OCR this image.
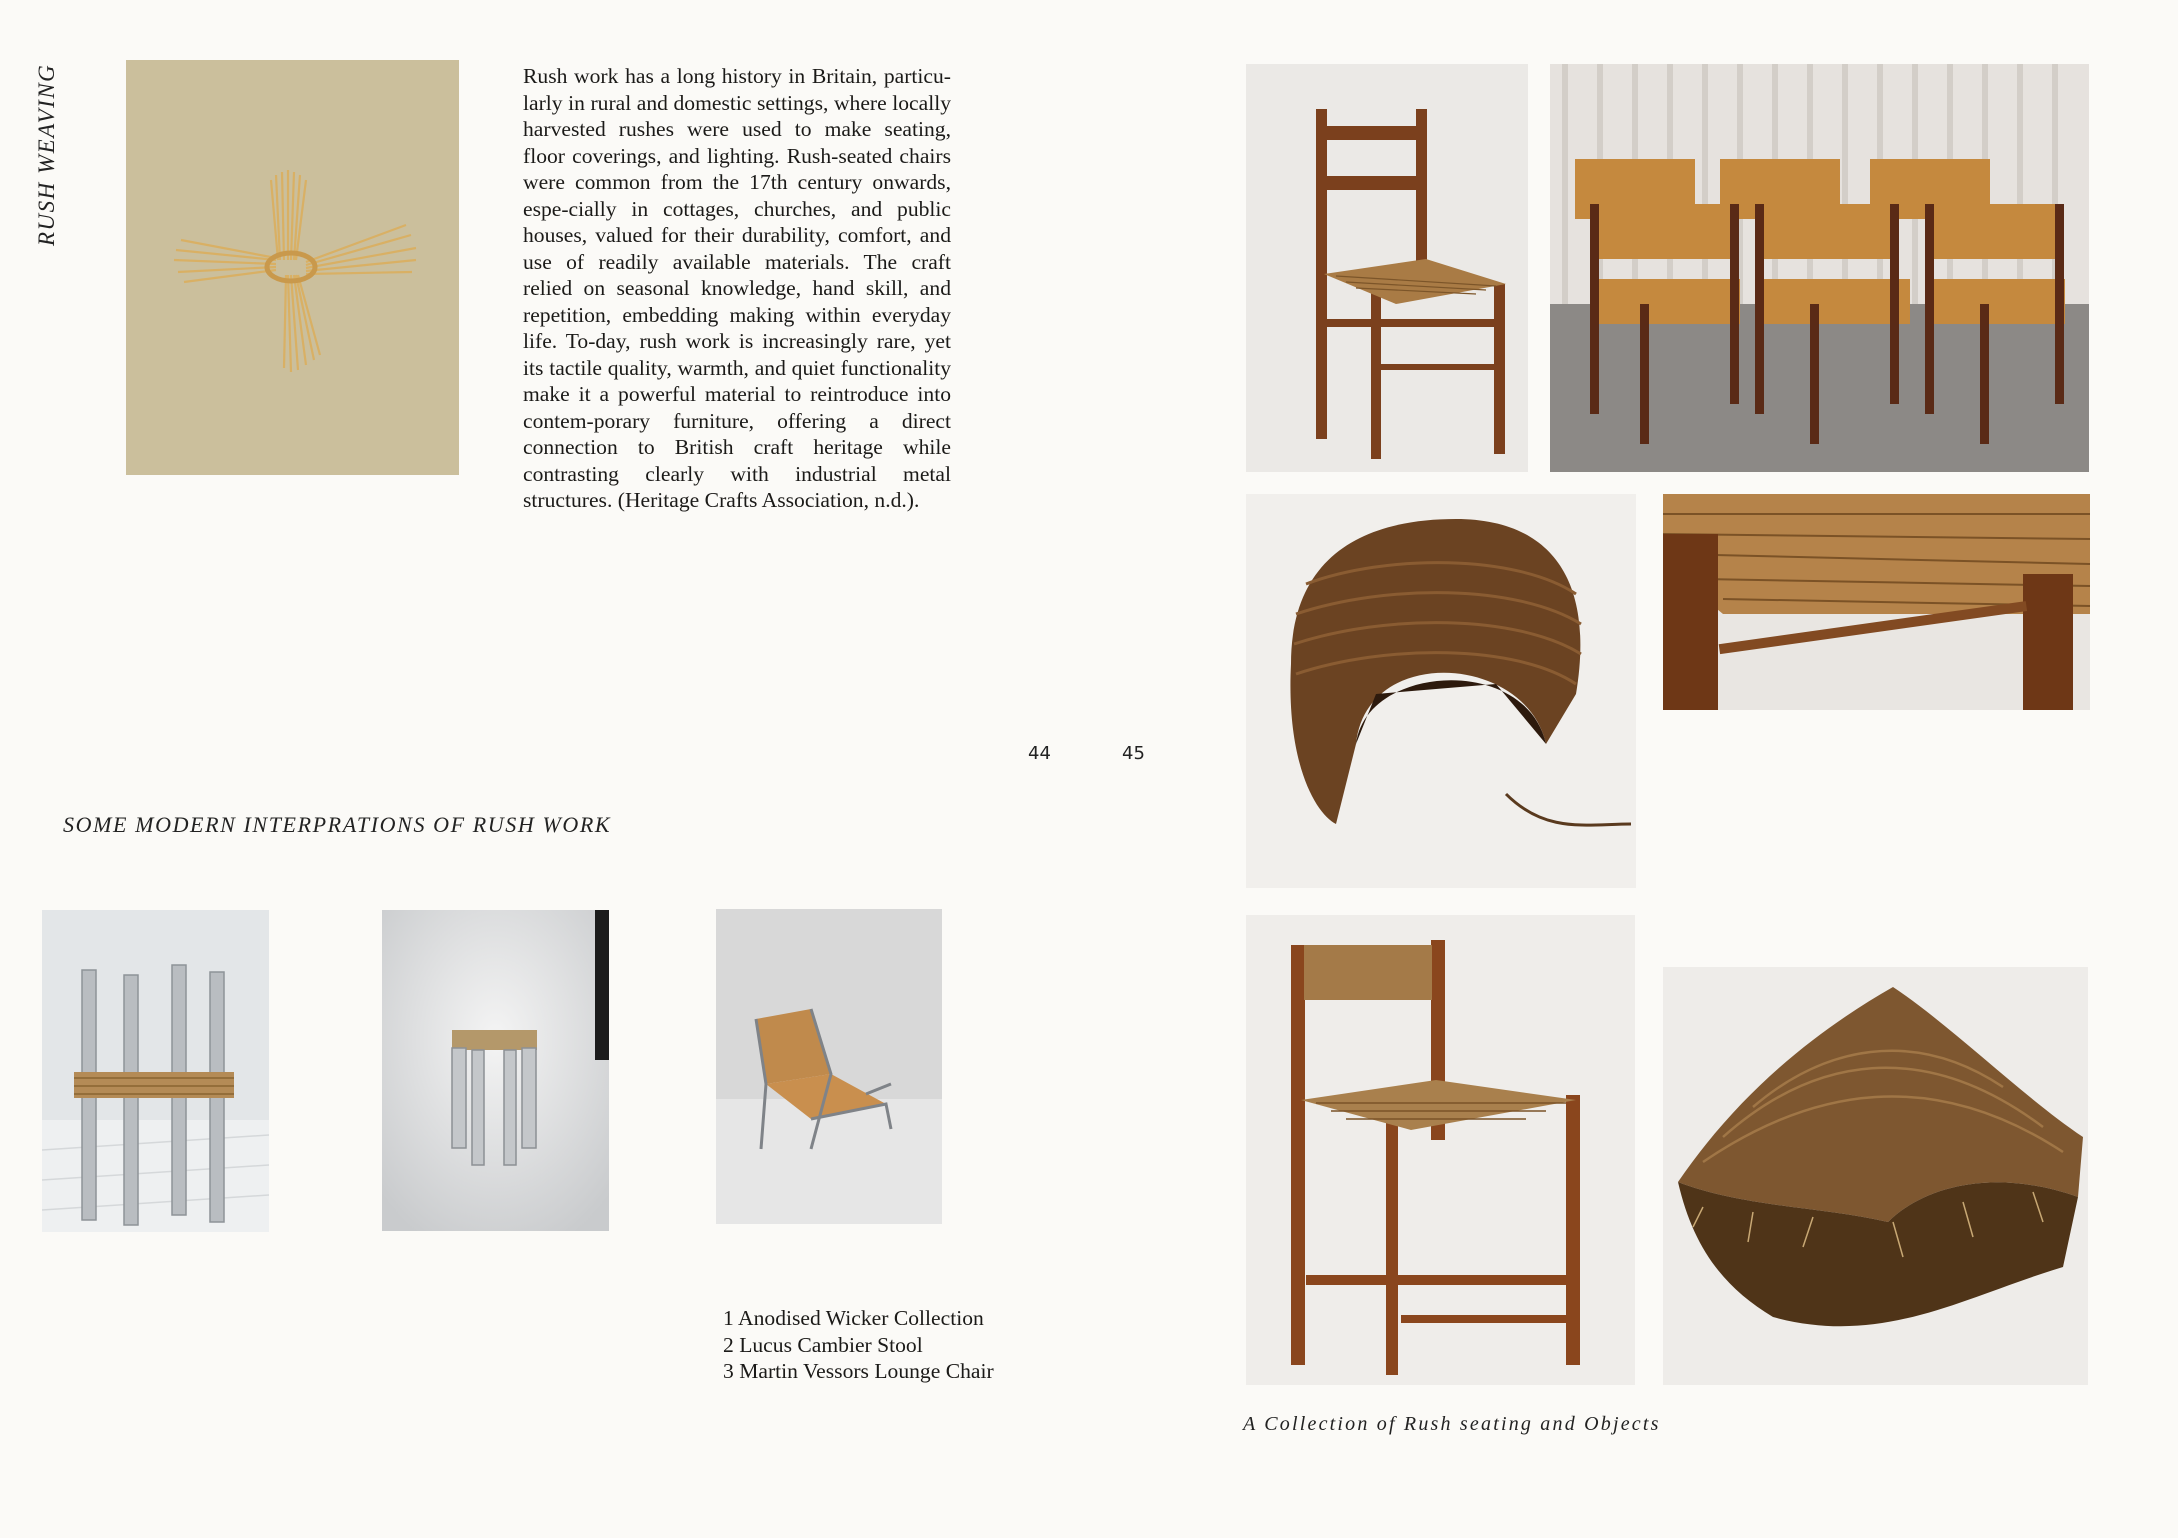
RUSH WEAVING	Rush work has a long history in Britain, particu-larly in rural and domestic settings, where locally harvested rushes were used to make seating, floor coverings, and lighting. Rush-seated chairs were common from the 17th century onwards, espe-cially in cottages, churches, and public houses, valued for their durability, comfort, and use of readily available materials. The craft relied on seasonal knowledge, hand skill, and repetition, embedding making within everyday life. To-day, rush work is increasingly rare, yet its tactile quality, warmth, and quiet functionality make it a powerful material to reintroduce into contem-porary furniture, offering a direct connection to British craft heritage while contrasting clearly with industrial metal structures. (Heritage Crafts Association, n.d.).
44	45
SOME MODERN INTERPRATIONS OF RUSH WORK
1 Anodised Wicker Collection
2 Lucus Cambier Stool
3 Martin Vessors Lounge Chair
A Collection of Rush seating and Objects
